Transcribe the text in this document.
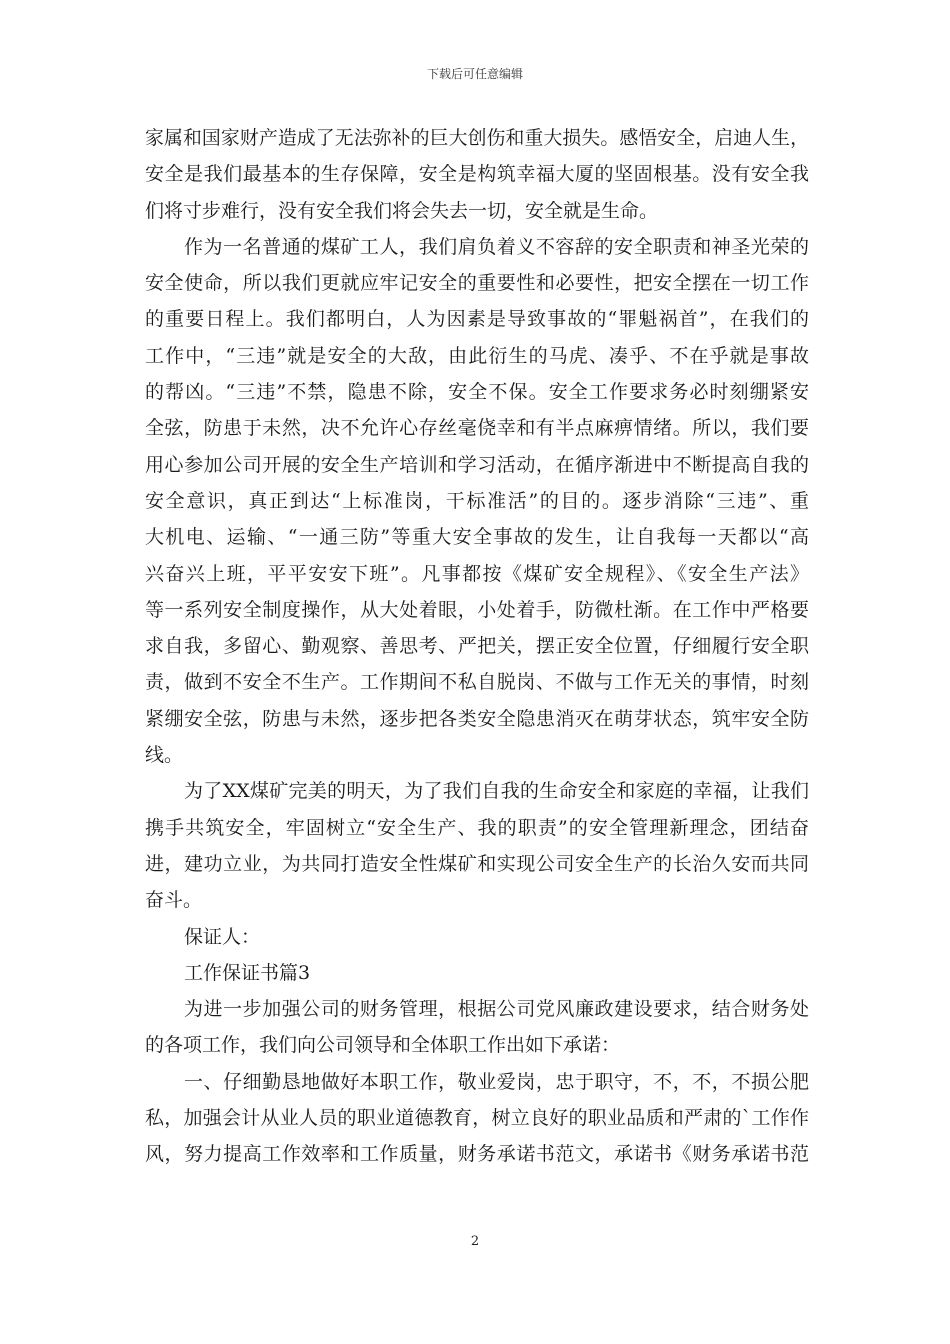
下载后可任意编辑
家属和国家财产造成了无法弥补的巨大创伤和重大损失。感悟安全，启迪人生，
安全是我们最基本的生存保障，安全是构筑幸福大厦的坚固根基。没有安全我
们将寸步难行，没有安全我们将会失去一切，安全就是生命。
作为一名普通的煤矿工人，我们肩负着义不容辞的安全职责和神圣光荣的
安全使命，所以我们更就应牢记安全的重要性和必要性，把安全摆在一切工作
的重要日程上。我们都明白，人为因素是导致事故的“罪魁祸首”，在我们的
工作中，“三违”就是安全的大敌，由此衍生的马虎、凑乎、不在乎就是事故
的帮凶。“三违”不禁，隐患不除，安全不保。安全工作要求务必时刻绷紧安
全弦，防患于未然，决不允许心存丝毫侥幸和有半点麻痹情绪。所以，我们要
用心参加公司开展的安全生产培训和学习活动，在循序渐进中不断提高自我的
安全意识，真正到达“上标准岗，干标准活”的目的。逐步消除“三违”、重
大机电、运输、“一通三防”等重大安全事故的发生，让自我每一天都以“高
兴奋兴上班，平平安安下班”。凡事都按《煤矿安全规程》、《安全生产法》
等一系列安全制度操作，从大处着眼，小处着手，防微杜渐。在工作中严格要
求自我，多留心、勤观察、善思考、严把关，摆正安全位置，仔细履行安全职
责，做到不安全不生产。工作期间不私自脱岗、不做与工作无关的事情，时刻
紧绷安全弦，防患与未然，逐步把各类安全隐患消灭在萌芽状态，筑牢安全防
线。
为了XX煤矿完美的明天，为了我们自我的生命安全和家庭的幸福，让我们
携手共筑安全，牢固树立“安全生产、我的职责”的安全管理新理念，团结奋
进，建功立业，为共同打造安全性煤矿和实现公司安全生产的长治久安而共同
奋斗。
保证人：
工作保证书篇3
为进一步加强公司的财务管理，根据公司党风廉政建设要求，结合财务处
的各项工作，我们向公司领导和全体职工作出如下承诺：
一、仔细勤恳地做好本职工作，敬业爱岗，忠于职守，不，不，不损公肥
私，加强会计从业人员的职业道德教育，树立良好的职业品质和严肃的`工作作
风，努力提高工作效率和工作质量，财务承诺书范文，承诺书《财务承诺书范
2
